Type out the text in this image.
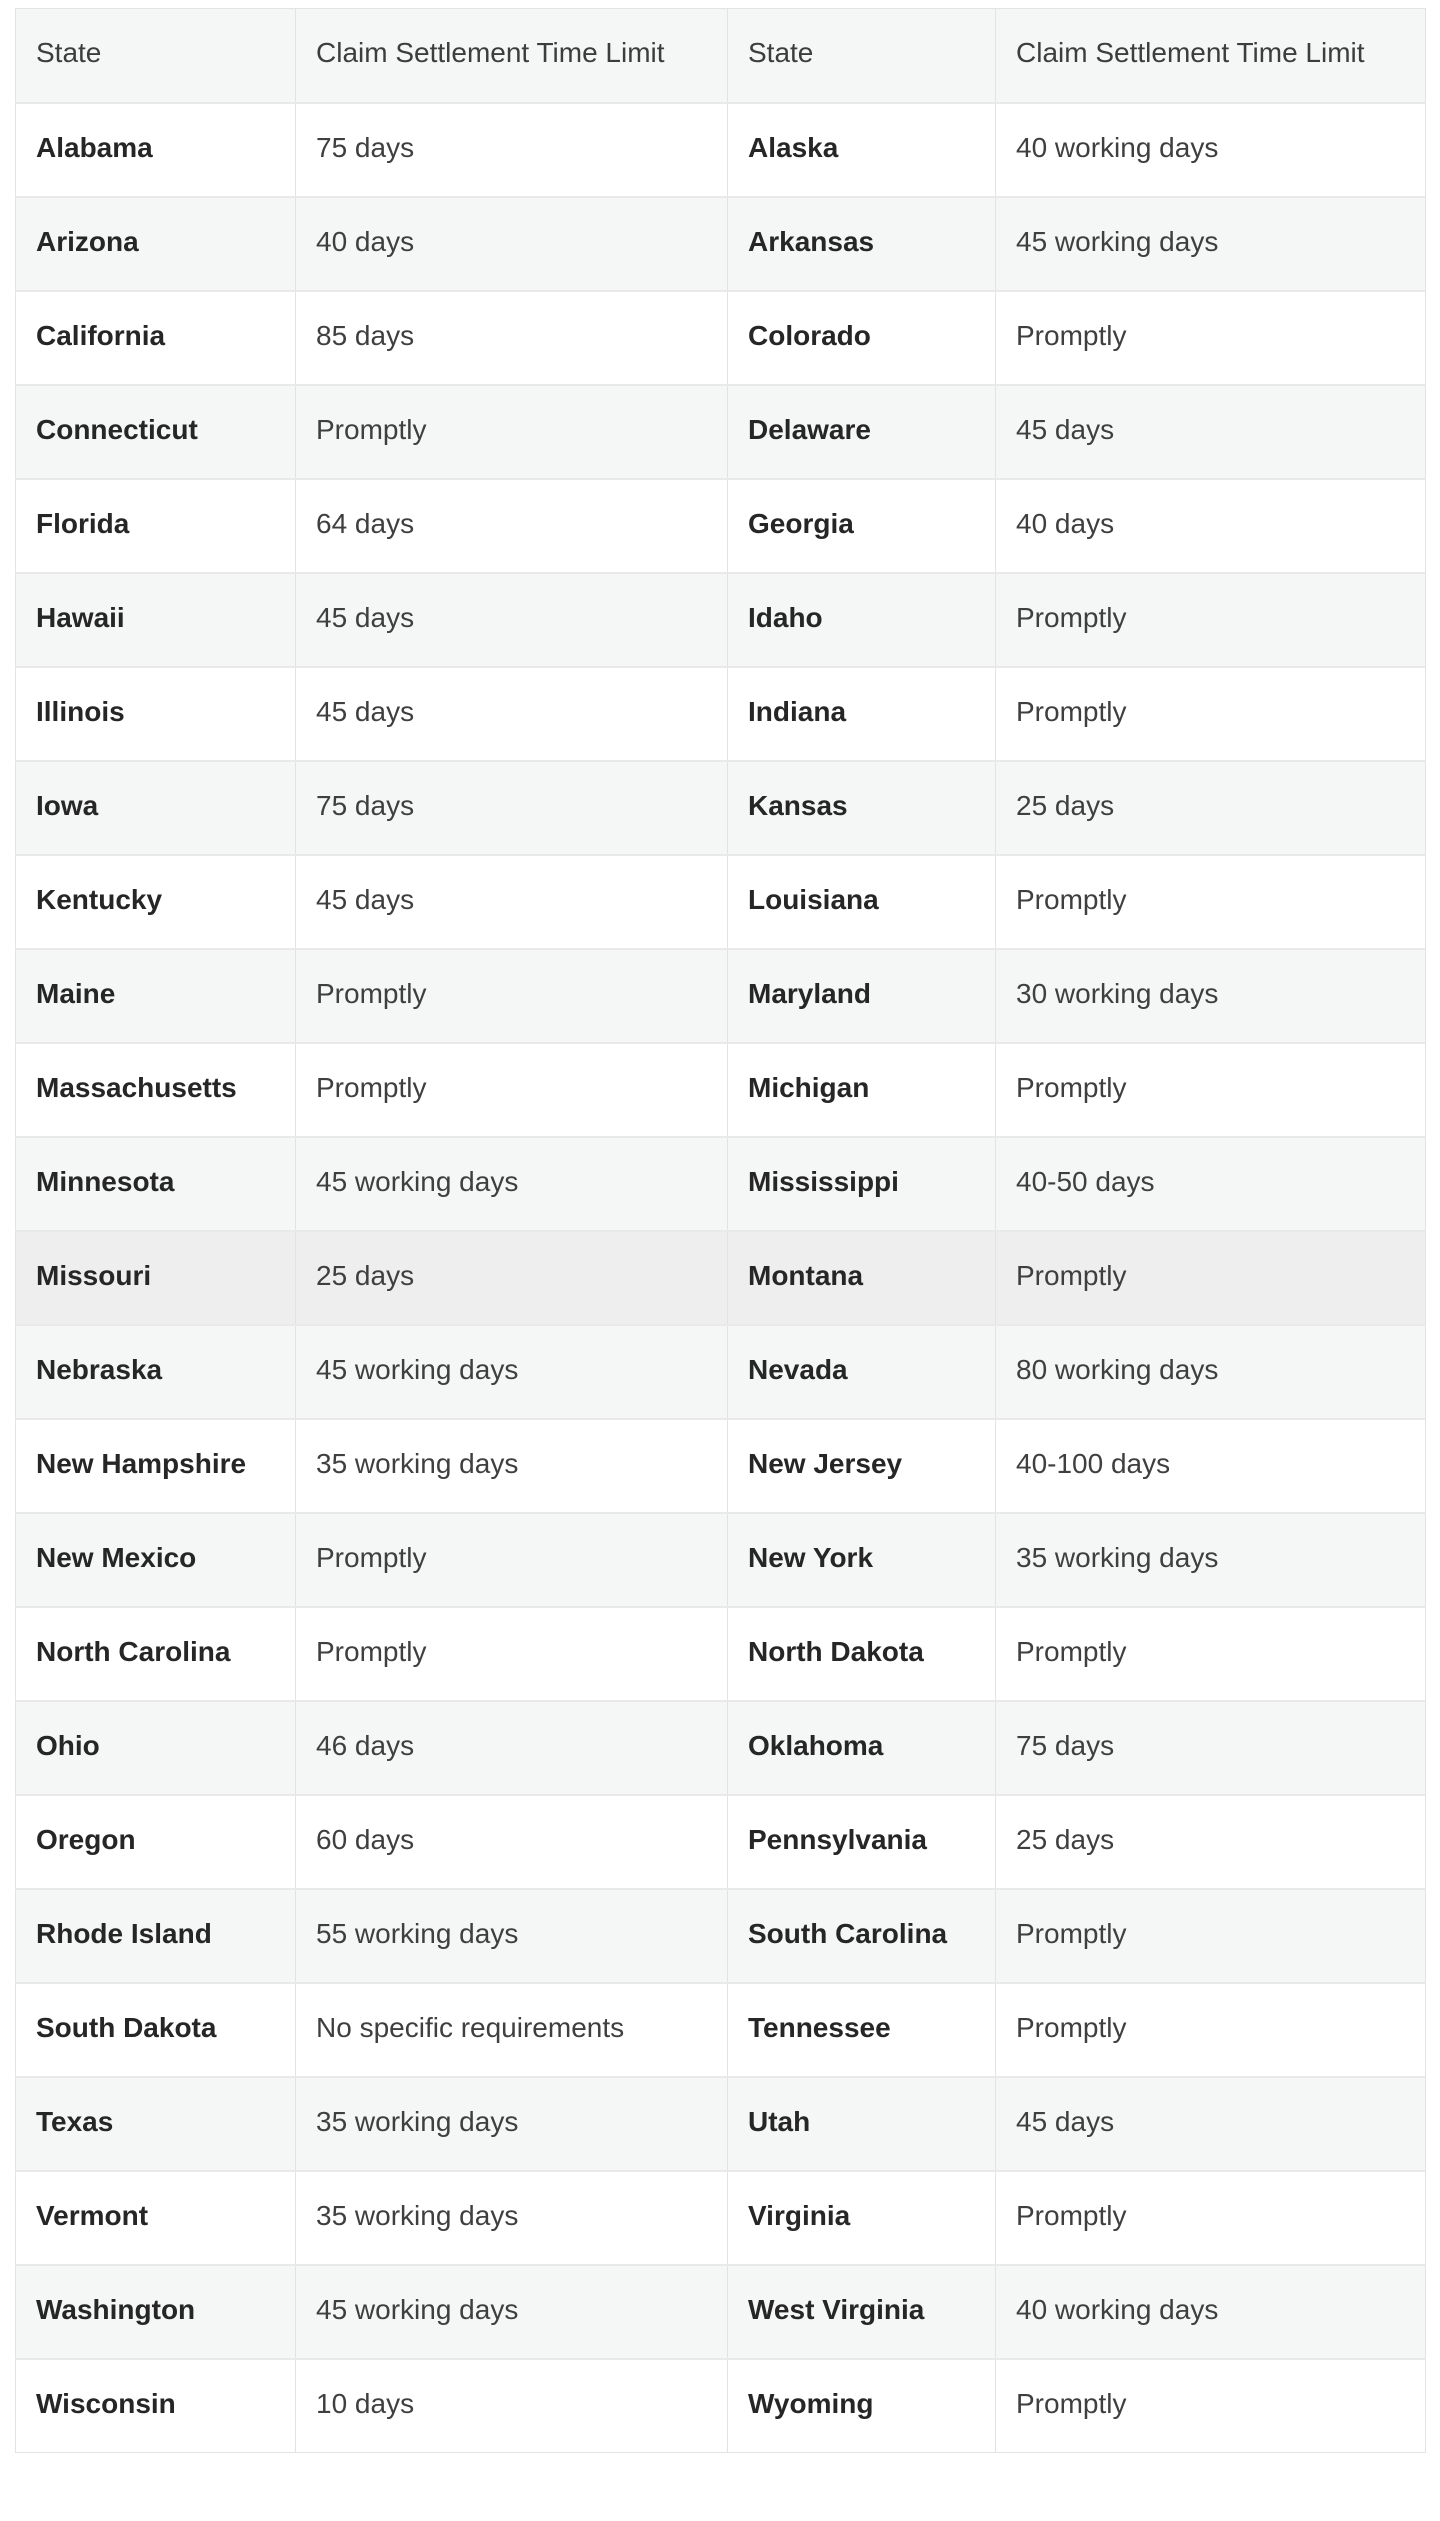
State	Claim Settlement Time Limit	State	Claim Settlement Time Limit
Alabama	75 days	Alaska	40 working days
Arizona	40 days	Arkansas	45 working days
California	85 days	Colorado	Promptly
Connecticut	Promptly	Delaware	45 days
Florida	64 days	Georgia	40 days
Hawaii	45 days	Idaho	Promptly
Illinois	45 days	Indiana	Promptly
Iowa	75 days	Kansas	25 days
Kentucky	45 days	Louisiana	Promptly
Maine	Promptly	Maryland	30 working days
Massachusetts	Promptly	Michigan	Promptly
Minnesota	45 working days	Mississippi	40-50 days
Missouri	25 days	Montana	Promptly
Nebraska	45 working days	Nevada	80 working days
New Hampshire	35 working days	New Jersey	40-100 days
New Mexico	Promptly	New York	35 working days
North Carolina	Promptly	North Dakota	Promptly
Ohio	46 days	Oklahoma	75 days
Oregon	60 days	Pennsylvania	25 days
Rhode Island	55 working days	South Carolina	Promptly
South Dakota	No specific requirements	Tennessee	Promptly
Texas	35 working days	Utah	45 days
Vermont	35 working days	Virginia	Promptly
Washington	45 working days	West Virginia	40 working days
Wisconsin	10 days	Wyoming	Promptly
